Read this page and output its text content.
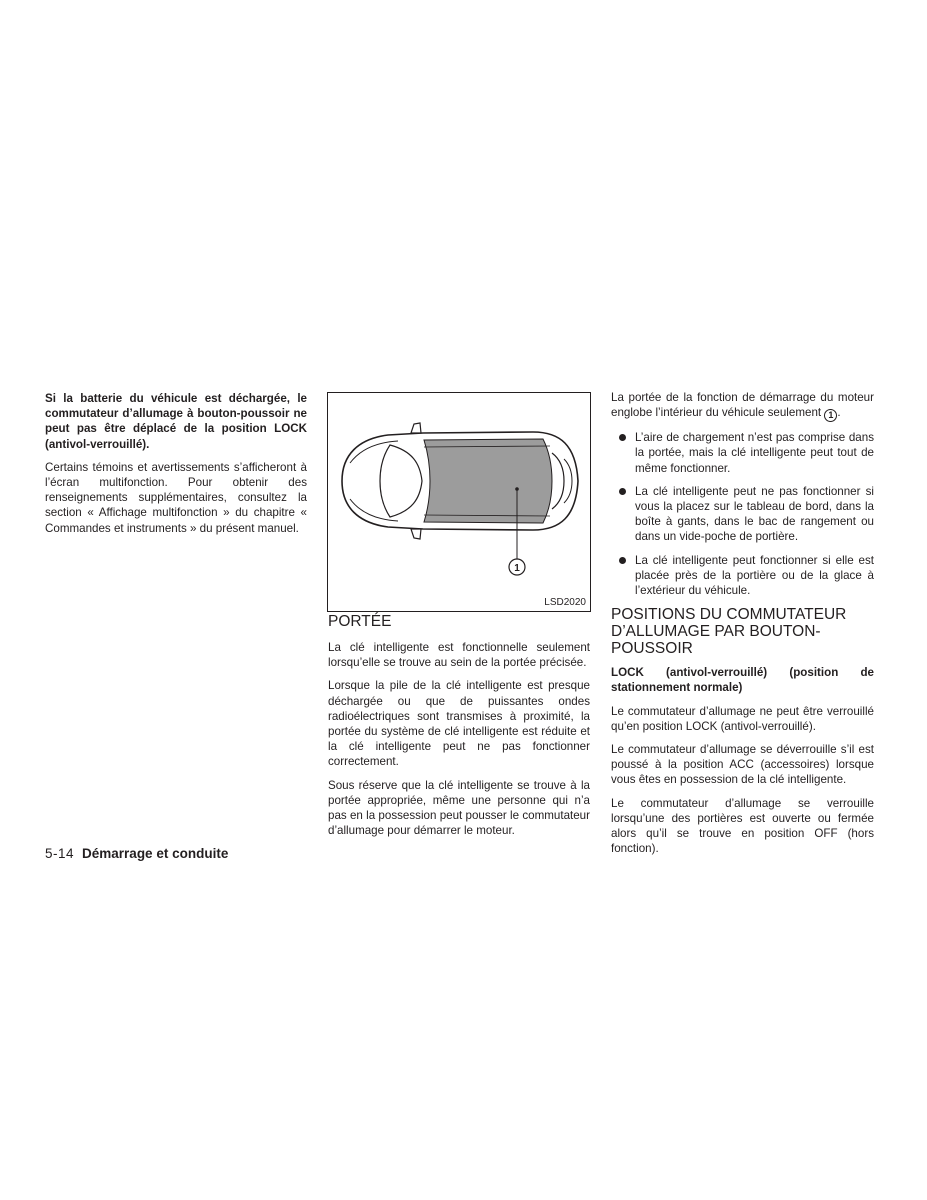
Si la batterie du véhicule est déchargée, le commutateur d’allumage à bouton-poussoir ne peut pas être déplacé de la position LOCK (antivol-verrouillé).

Certains témoins et avertissements s’afficheront à l’écran multifonction. Pour obtenir des renseignements supplémentaires, consultez la section « Affichage multifonction » du chapitre « Commandes et instruments » du présent manuel.

1
LSD2020
PORTÉE

La clé intelligente est fonctionnelle seulement lorsqu’elle se trouve au sein de la portée précisée.

Lorsque la pile de la clé intelligente est presque déchargée ou que de puissantes ondes radioélectriques sont transmises à proximité, la portée du système de clé intelligente est réduite et la clé intelligente peut ne pas fonctionner correctement.

Sous réserve que la clé intelligente se trouve à la portée appropriée, même une personne qui n’a pas en la possession peut pousser le commutateur d’allumage pour démarrer le moteur.

La portée de la fonction de démarrage du moteur englobe l’intérieur du véhicule seulement 1 .

L’aire de chargement n’est pas comprise dans la portée, mais la clé intelligente peut tout de même fonctionner.
La clé intelligente peut ne pas fonctionner si vous la placez sur le tableau de bord, dans la boîte à gants, dans le bac de rangement ou dans un vide-poche de portière.
La clé intelligente peut fonctionner si elle est placée près de la portière ou de la glace à l’extérieur du véhicule.
POSITIONS DU COMMUTATEUR D’ALLUMAGE PAR BOUTON-POUSSOIR

LOCK (antivol-verrouillé) (position de stationnement normale)

Le commutateur d’allumage ne peut être verrouillé qu’en position LOCK (antivol-verrouillé).

Le commutateur d’allumage se déverrouille s’il est poussé à la position ACC (accessoires) lorsque vous êtes en possession de la clé intelligente.

Le commutateur d’allumage se verrouille lorsqu’une des portières est ouverte ou fermée alors qu’il se trouve en position OFF (hors fonction).

5-14 Démarrage et conduite
